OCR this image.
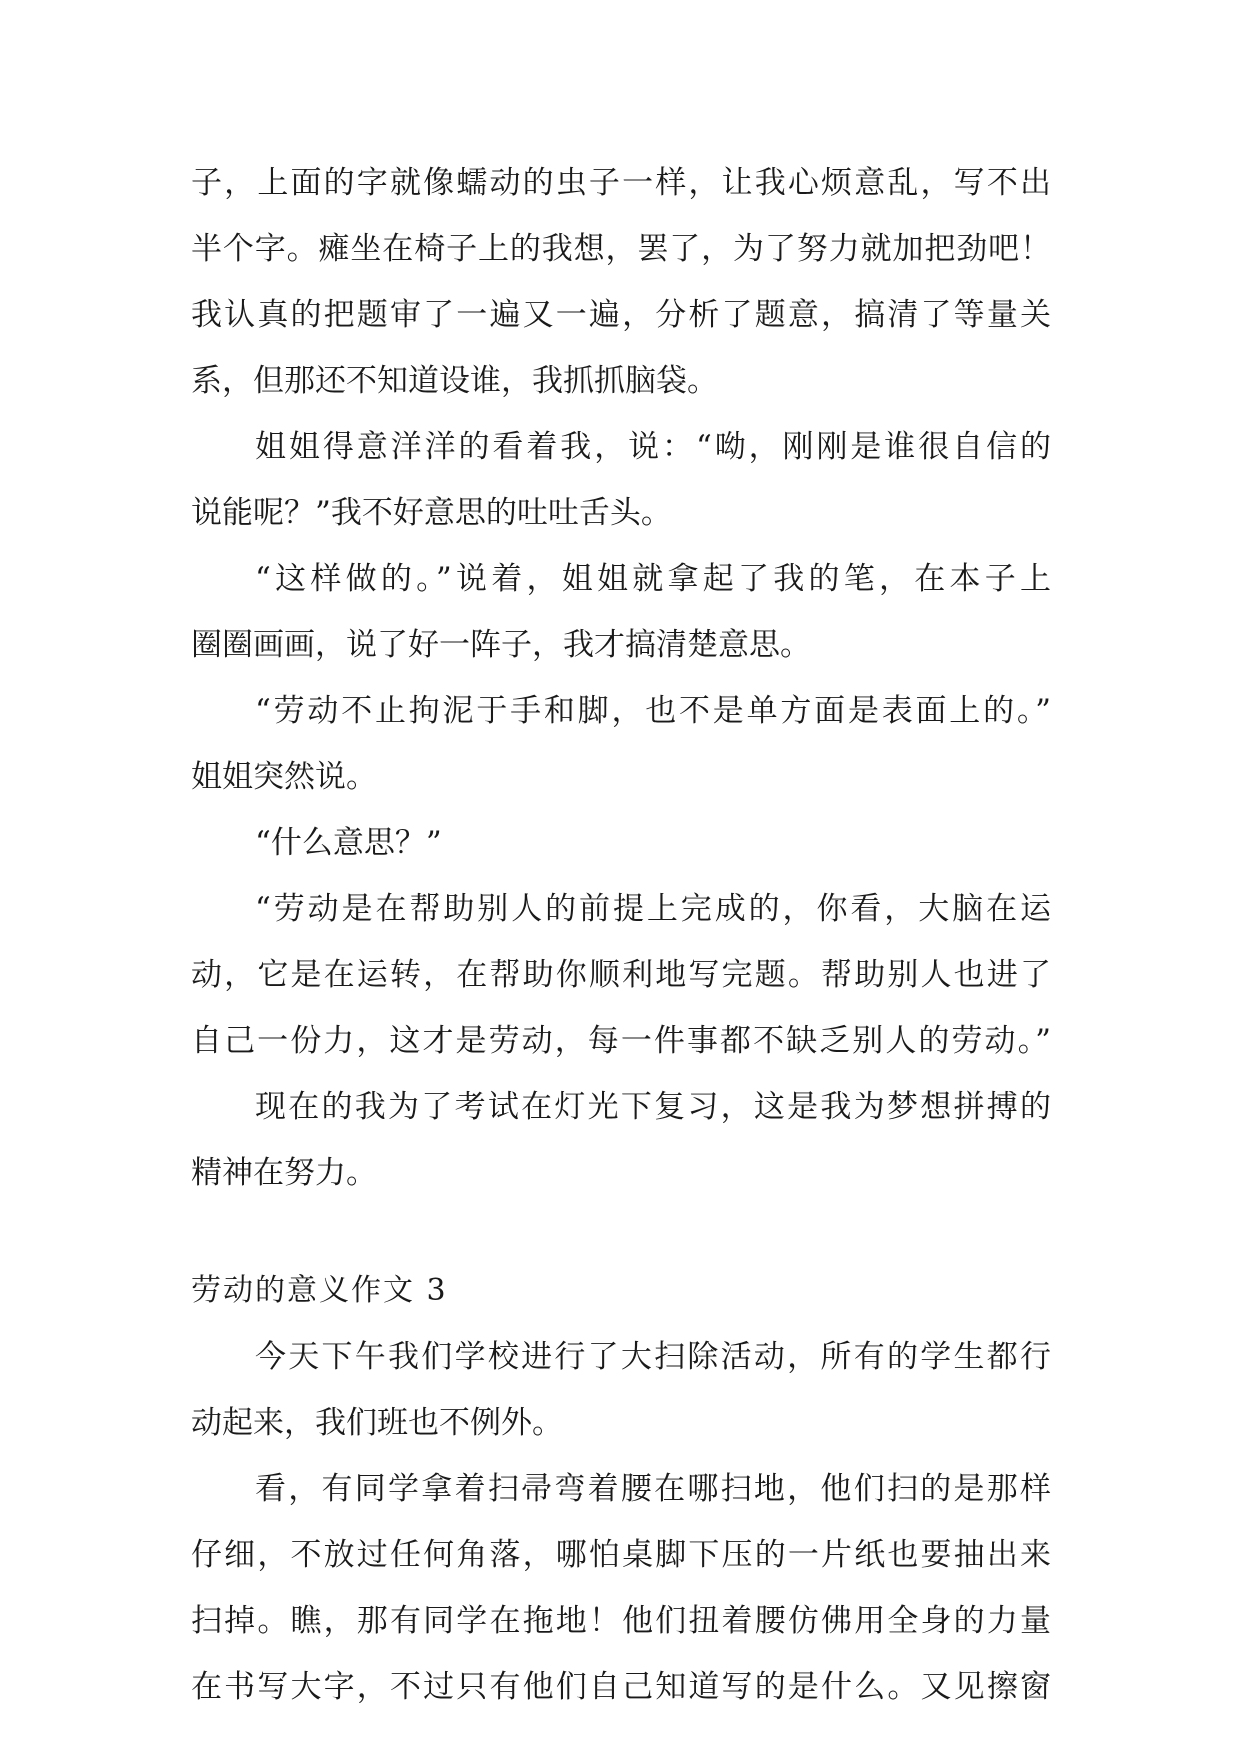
子，上面的字就像蠕动的虫子一样，让我心烦意乱，写不出
半个字。瘫坐在椅子上的我想，罢了，为了努力就加把劲吧！
我认真的把题审了一遍又一遍，分析了题意，搞清了等量关
系，但那还不知道设谁，我抓抓脑袋。
姐姐得意洋洋的看着我，说：“呦，刚刚是谁很自信的
说能呢？”我不好意思的吐吐舌头。
“这样做的。”说着，姐姐就拿起了我的笔，在本子上
圈圈画画，说了好一阵子，我才搞清楚意思。
“劳动不止拘泥于手和脚，也不是单方面是表面上的。”
姐姐突然说。
“什么意思？”
“劳动是在帮助别人的前提上完成的，你看，大脑在运
动，它是在运转，在帮助你顺利地写完题。帮助别人也进了
自己一份力，这才是劳动，每一件事都不缺乏别人的劳动。”
现在的我为了考试在灯光下复习，这是我为梦想拼搏的
精神在努力。
劳动的意义作文 3
今天下午我们学校进行了大扫除活动，所有的学生都行
动起来，我们班也不例外。
看，有同学拿着扫帚弯着腰在哪扫地，他们扫的是那样
仔细，不放过任何角落，哪怕桌脚下压的一片纸也要抽出来
扫掉。瞧，那有同学在拖地！他们扭着腰仿佛用全身的力量
在书写大字，不过只有他们自己知道写的是什么。又见擦窗
